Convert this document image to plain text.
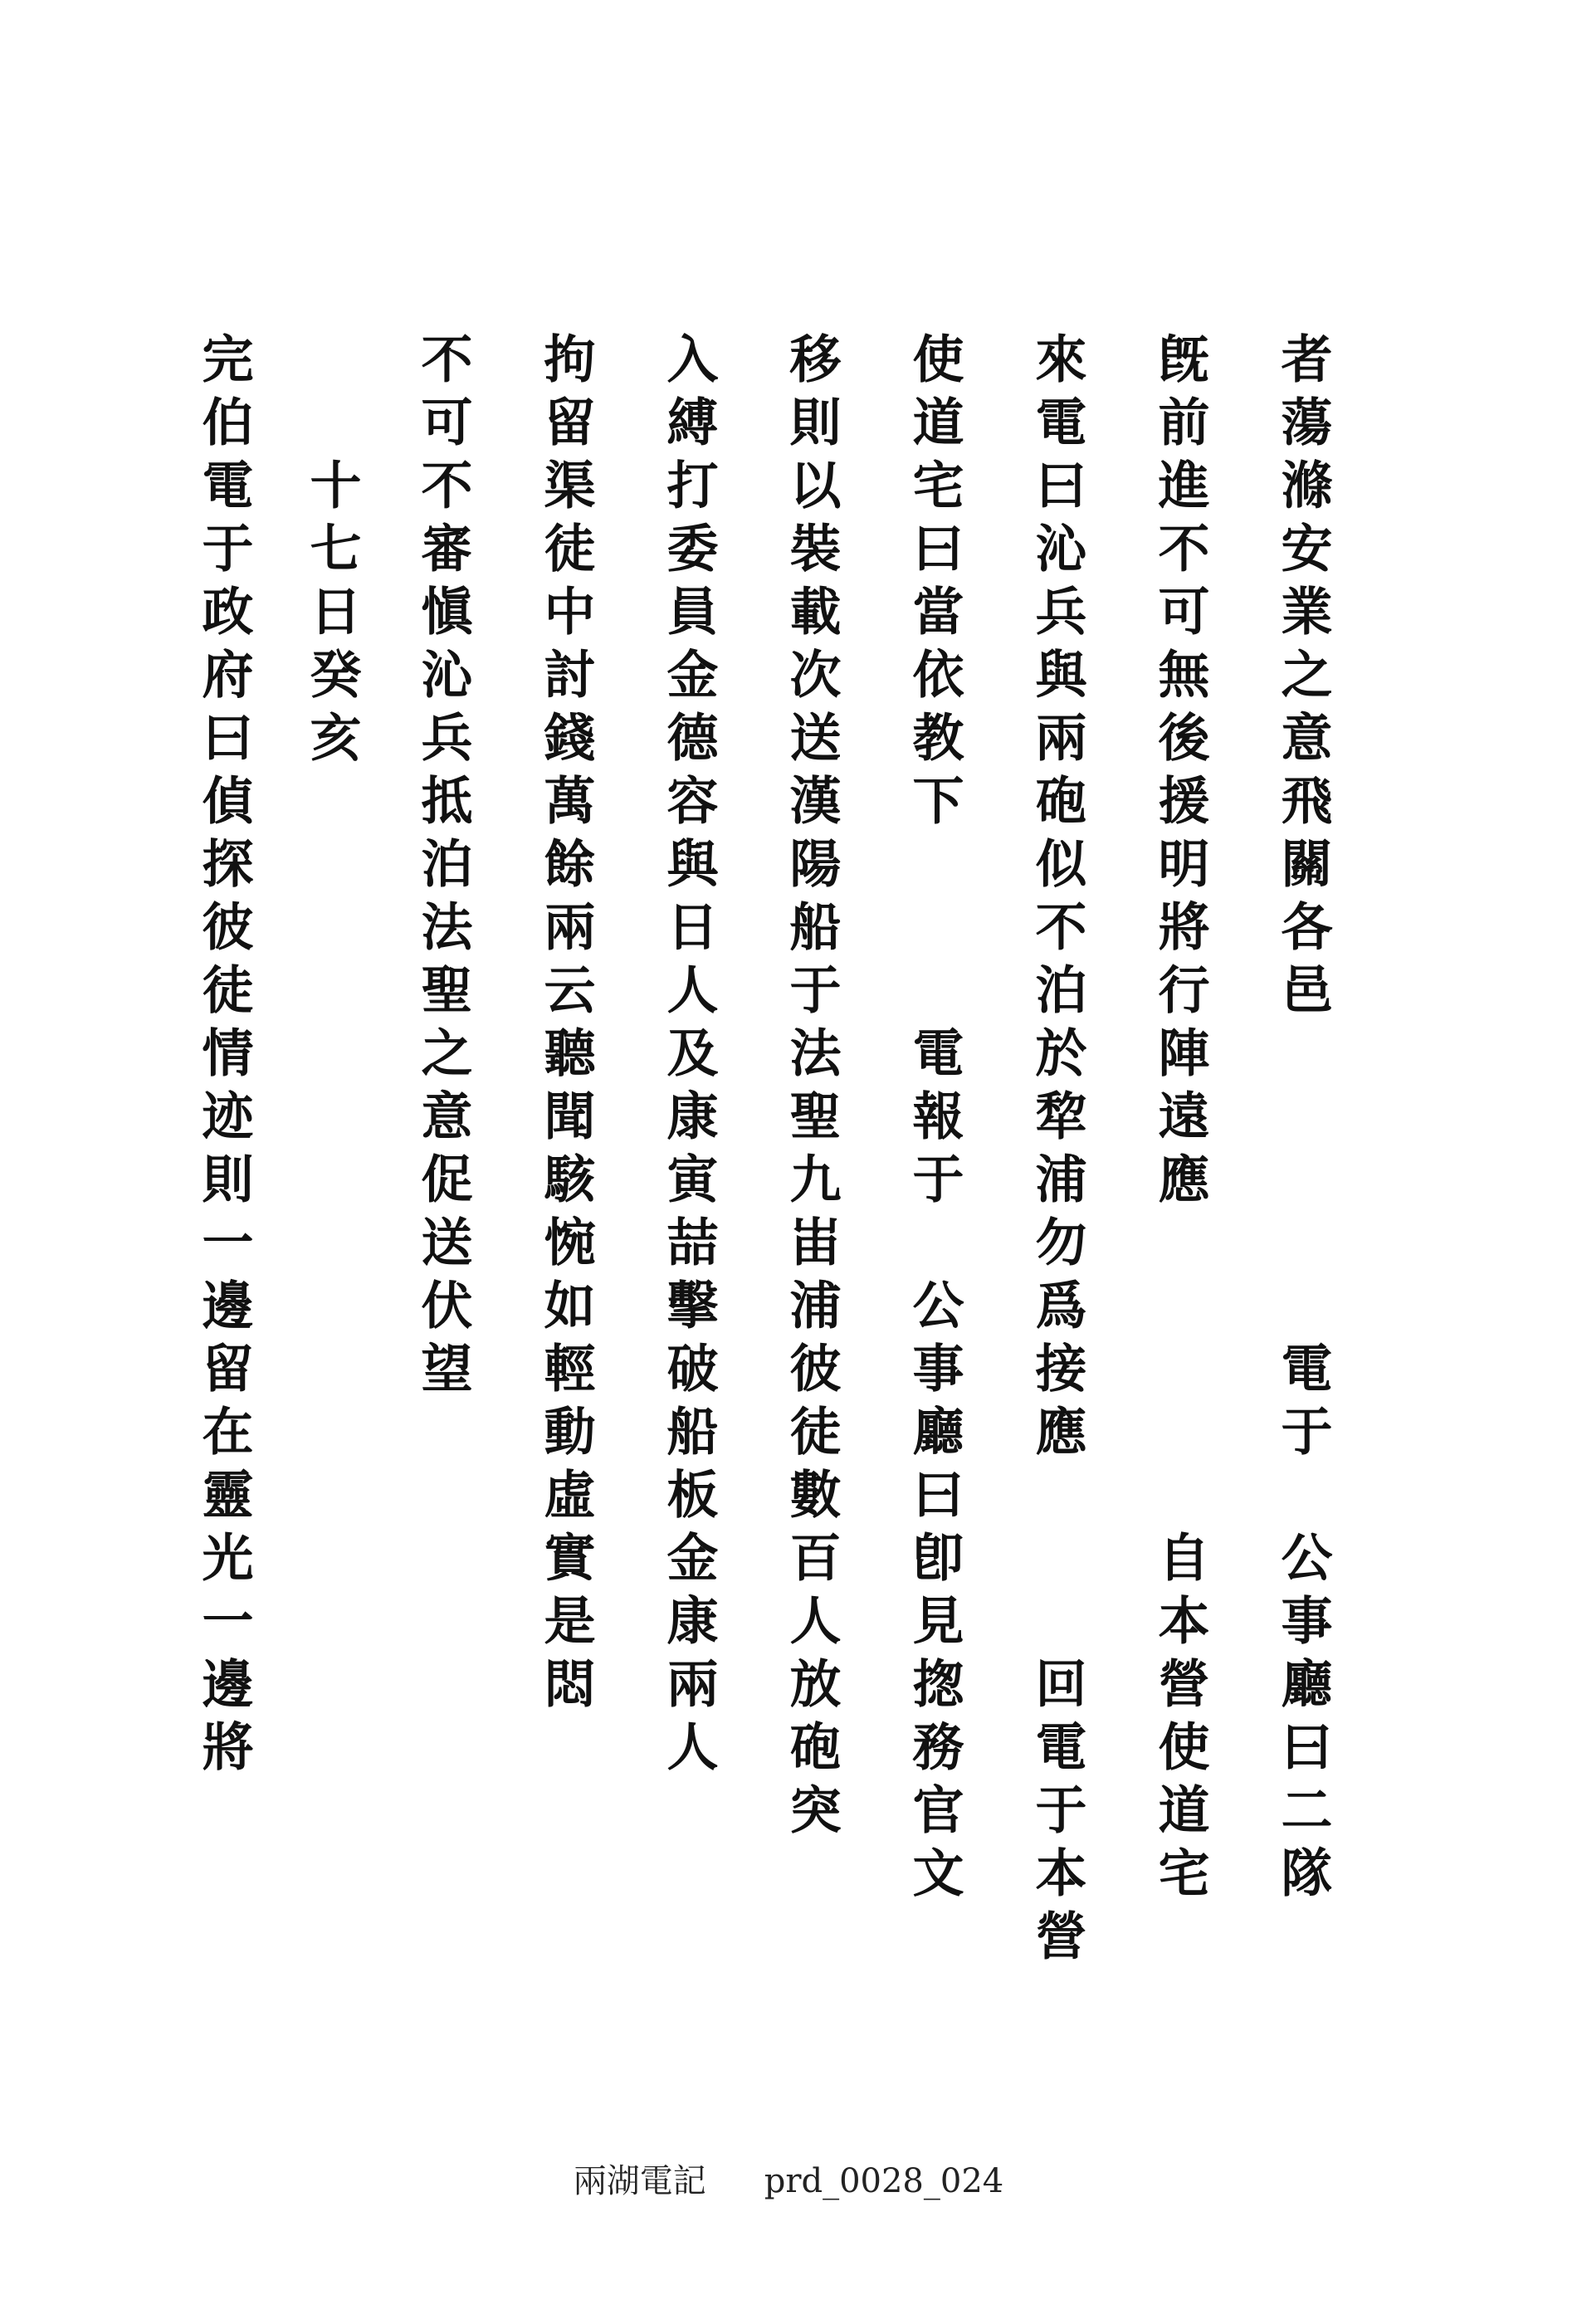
者蕩滌安業之意飛關各邑　　　　　電于　公事廳曰二隊
旣前進不可無後援明將行陣遠應　　　　　自本營使道宅
來電曰沁兵與兩砲似不泊於犂浦勿爲接應　　　回電于本營
使道宅曰當依教下　　　電報于　公事廳曰卽見揔務官文
移則以裝載次送漢陽船于法聖九峀浦彼徒數百人放砲突
入縛打委員金德容與日人及康寅喆擊破船板金康兩人
拘留渠徒中討錢萬餘兩云聽聞駭惋如輕動虛實是悶
不可不審愼沁兵抵泊法聖之意促送伏望
　　十七日癸亥
完伯電于政府曰偵探彼徒情迹則一邊留在靈光一邊將
兩湖電記 prd_0028_024
